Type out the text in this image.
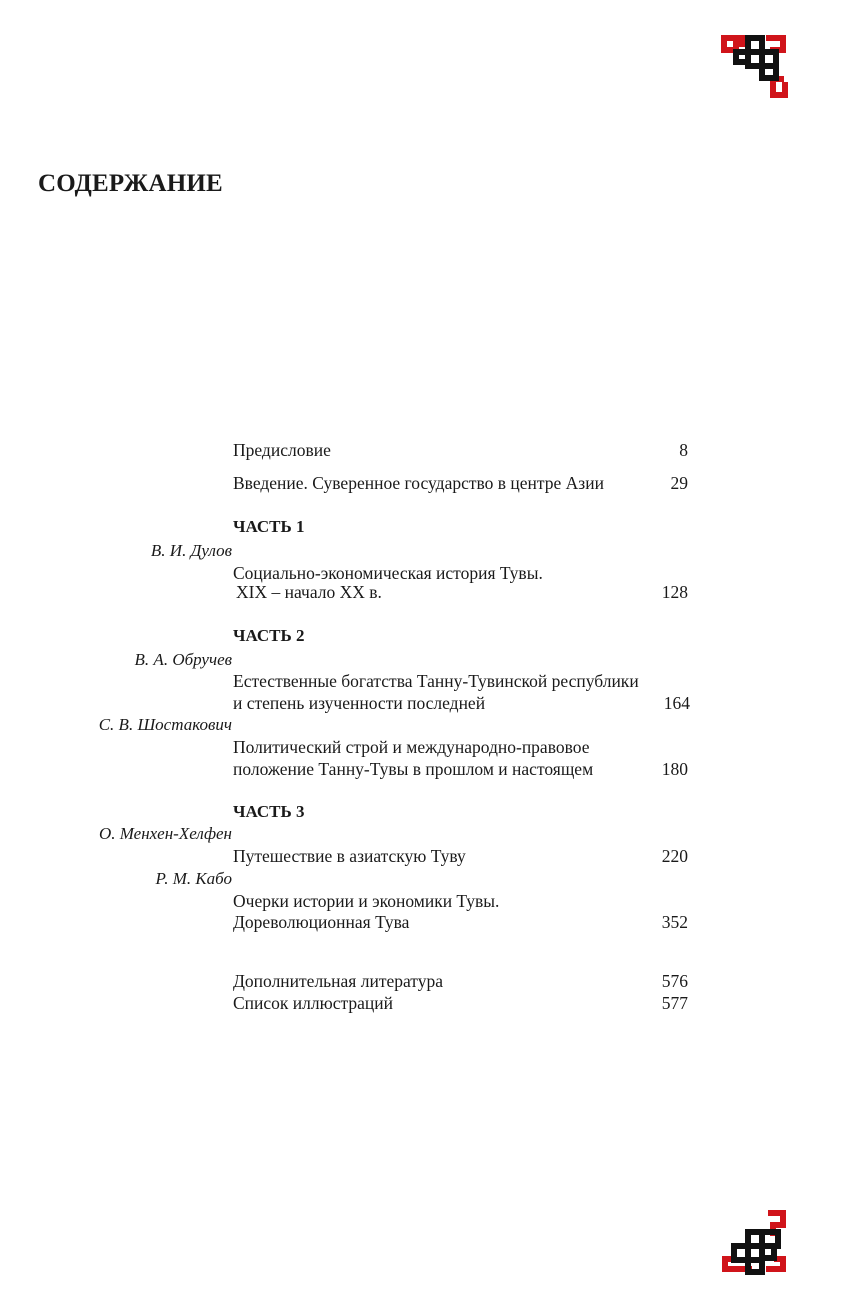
СОДЕРЖАНИЕ
Предисловие	8
Введение. Суверенное государство в центре Азии	29
ЧАСТЬ 1
В. И. Дулов
Социально-экономическая история Тувы.
XIX – начало XX в.	128
ЧАСТЬ 2
В. А. Обручев
Естественные богатства Танну-Тувинской республики
и степень изученности последней	164
С. В. Шостакович
Политический строй и международно-правовое
положение Танну-Тувы в прошлом и настоящем	180
ЧАСТЬ 3
О. Менхен-Хелфен
Путешествие в азиатскую Туву	220
Р. М. Кабо
Очерки истории и экономики Тувы.
Дореволюционная Тува	352
Дополнительная литература	576
Список иллюстраций	577
